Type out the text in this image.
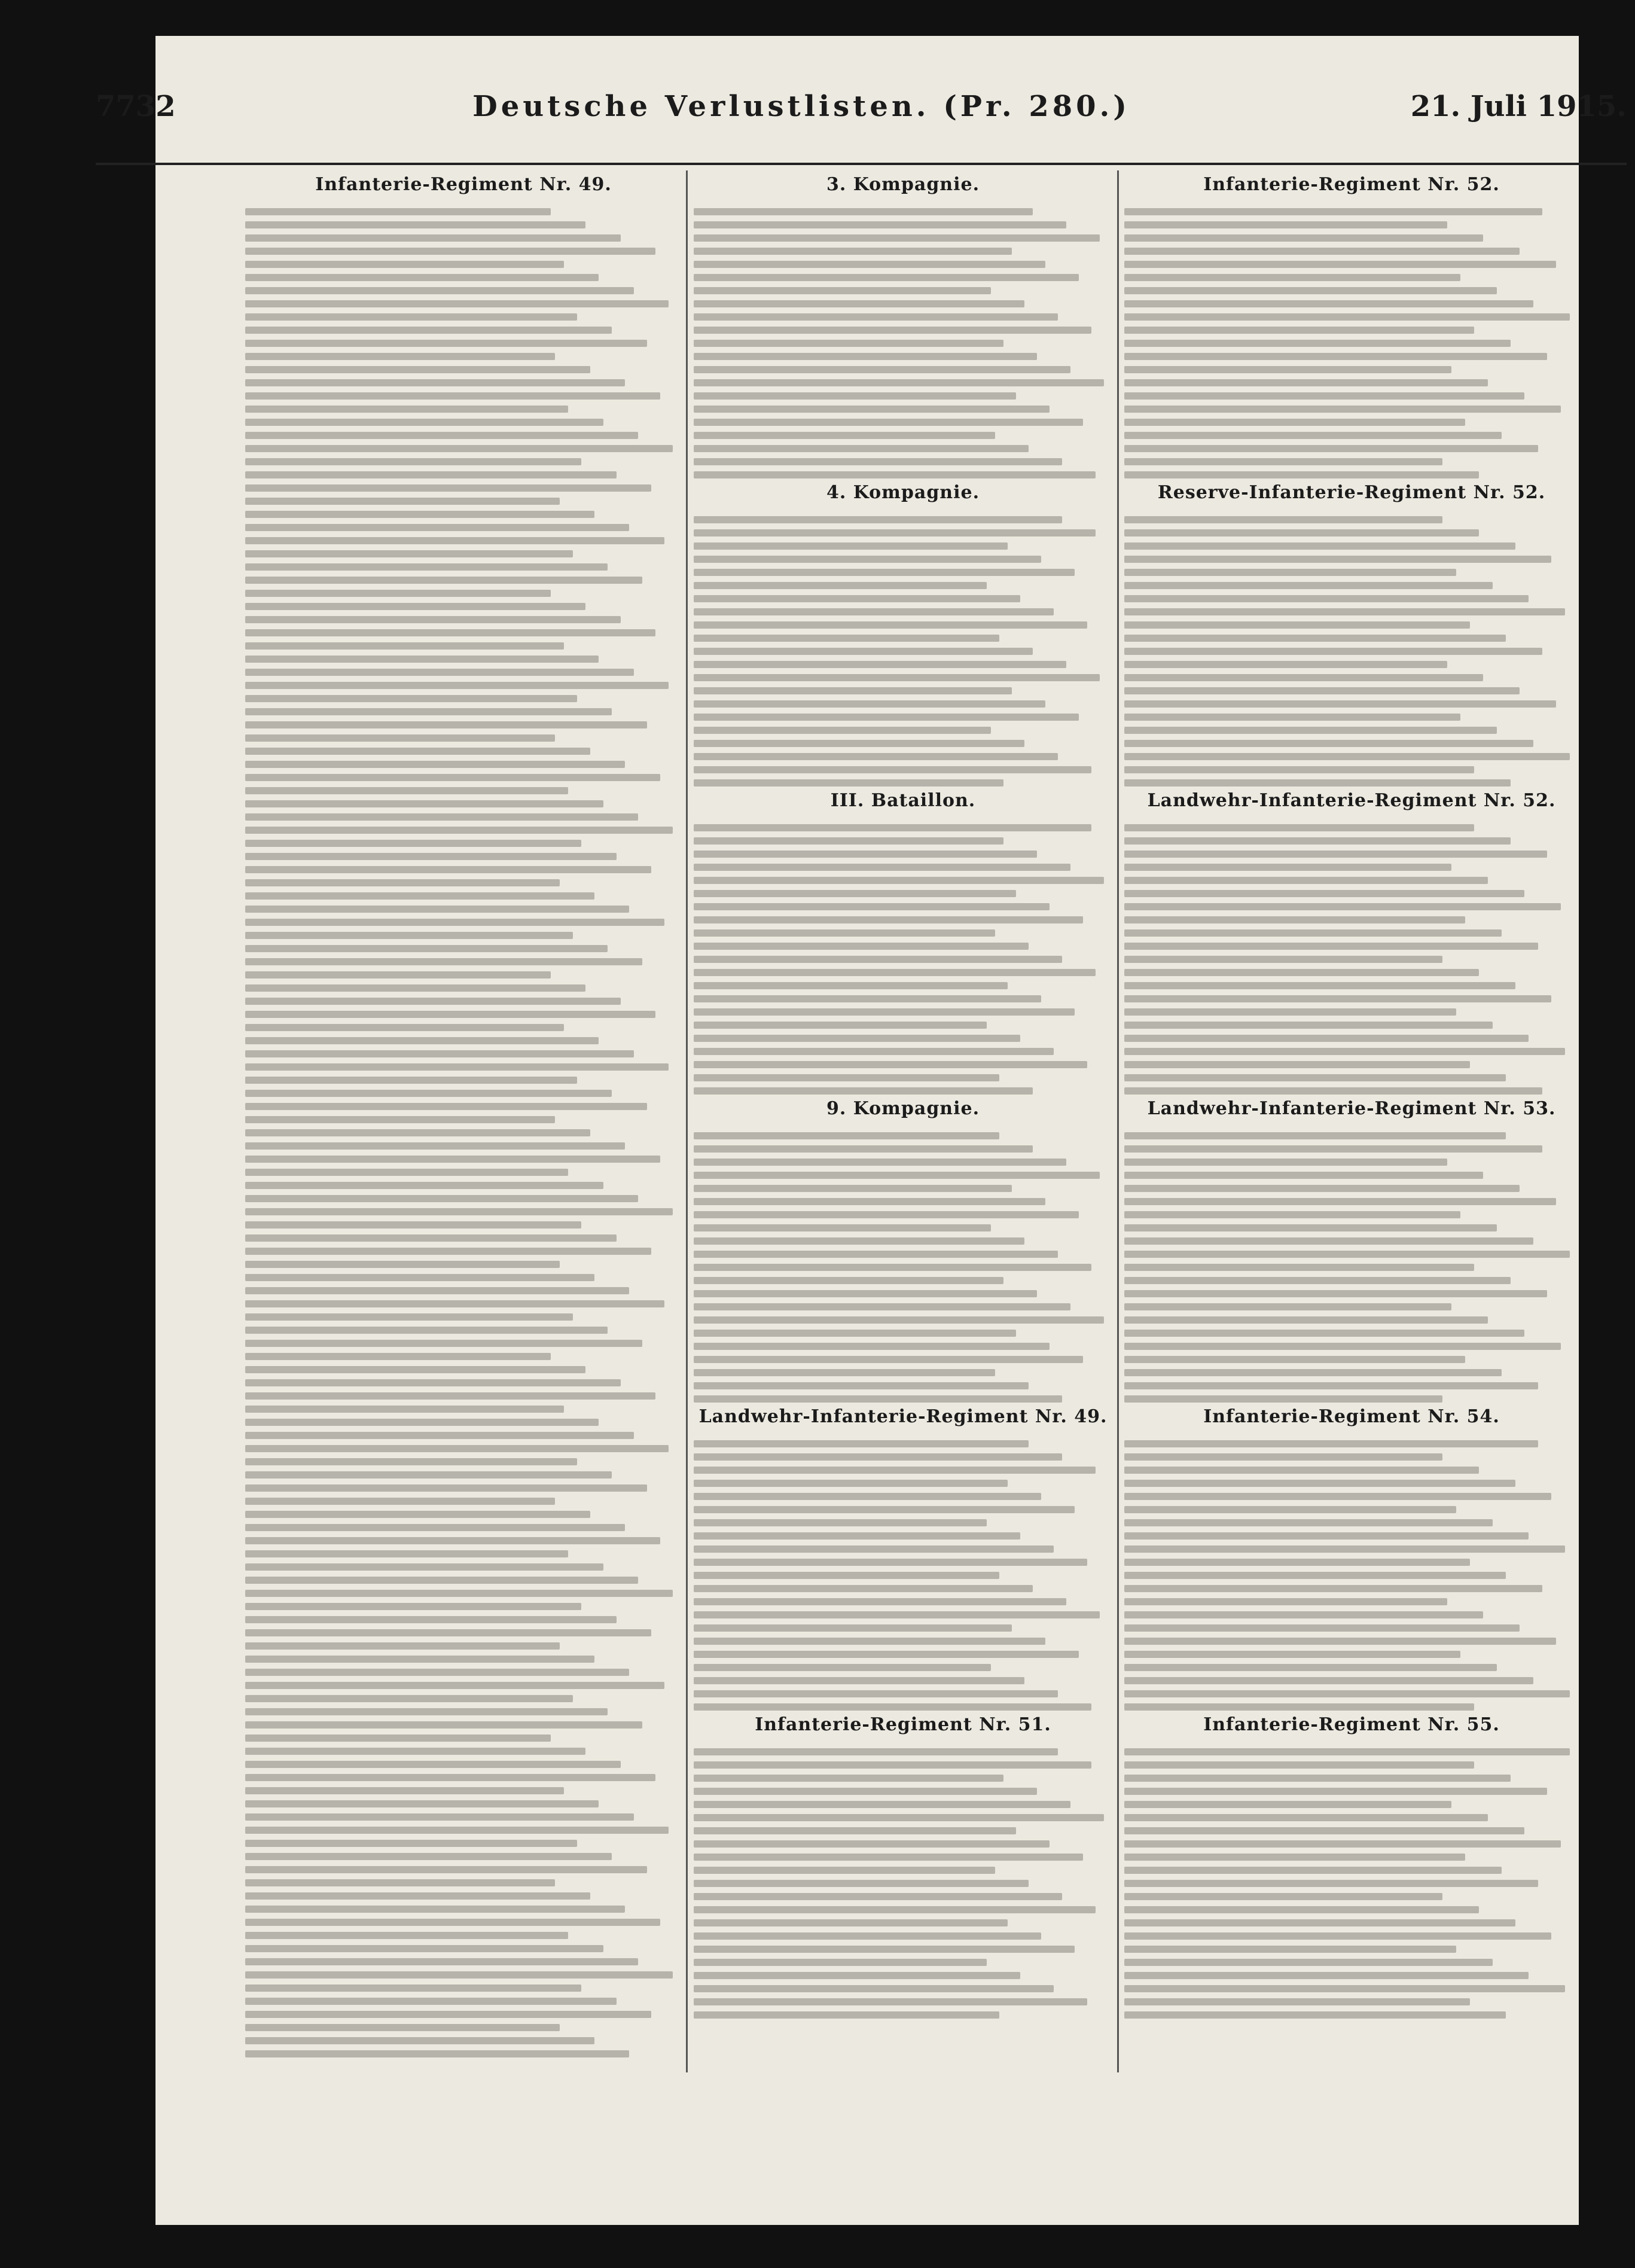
7732	Deutsche Verlustlisten. (Pr. 280.)	21. Juli 1915.
Infanterie-Regiment Nr. 49.	3. Kompagnie.
4. Kompagnie.
III. Bataillon.
9. Kompagnie.
Landwehr-Infanterie-Regiment Nr. 49.
Infanterie-Regiment Nr. 51.
Infanterie-Regiment Nr. 52.
Reserve-Infanterie-Regiment Nr. 52.
Landwehr-Infanterie-Regiment Nr. 52.
Landwehr-Infanterie-Regiment Nr. 53.
Infanterie-Regiment Nr. 54.
Infanterie-Regiment Nr. 55.
